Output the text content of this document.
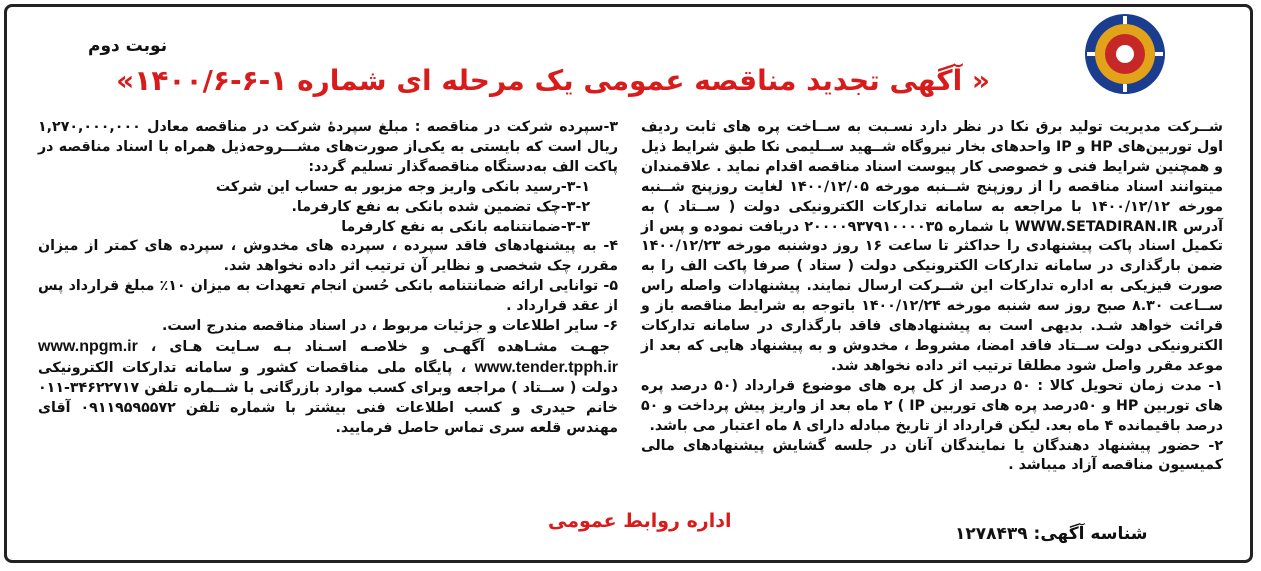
نوبت دوم
« آگهی تجدید مناقصه عمومی یک مرحله ای شماره ۱-۶-۱۴۰۰/۶»

شــرکت مدیریت تولید برق نکا در نظر دارد نسـبت به ســاخت پره های ثابت ردیف اول توربین‌های HP و IP واحدهای بخار نیروگاه شــهید ســلیمی نکا طبق شرایط ذیل و همچنین شرایط فنی و خصوصی کار پیوست اسناد مناقصه اقدام نماید . علاقمندان میتوانند اسناد مناقصه را از روزپنج شــنبه مورخه ۱۴۰۰/۱۲/۰۵ لغایت روزپنج شــنبه مورخه ۱۴۰۰/۱۲/۱۲ با مراجعه به سامانه تدارکات الکترونیکی دولت ( ســتاد ) به آدرس WWW.SETADIRAN.IR با شماره ۲۰۰۰۰۹۳۷۹۱۰۰۰۰۳۵ دریافت نموده و پس از تکمیل اسناد پاکت پیشنهادی را حداکثر تا ساعت ۱۶ روز دوشنبه مورخه ۱۴۰۰/۱۲/۲۳ ضمن بارگذاری در سامانه تدارکات الکترونیکی دولت ( ستاد ) صرفا پاکت الف را به صورت فیزیکی به اداره تدارکات این شــرکت ارسال نمایند. پیشنهادات واصله راس ســاعت ۸.۳۰ صبح روز سه شنبه مورخه ۱۴۰۰/۱۲/۲۴ باتوجه به شرایط مناقصه باز و قرائت خواهد شـد. بدیهی است به پیشنهادهای فاقد بارگذاری در سامانه تدارکات الکترونیکی دولت ســتاد فاقد امضا، مشروط ، مخدوش و به پیشنهاد هایی که بعد از موعد مقرر واصل شود مطلقا ترتیب اثر داده نخواهد شد.

۱- مدت زمان تحویل کالا : ۵۰ درصد از کل پره های موضوع قرارداد (۵۰ درصد پره های توربین HP و ۵۰درصد پره های توربین IP ) ۲ ماه بعد از واریز پیش پرداخت و ۵۰ درصد باقیمانده ۴ ماه بعد. لیکن قرارداد از تاریخ مبادله دارای ۸ ماه اعتبار می باشد.

۲- حضور پیشنهاد دهندگان یا نمایندگان آنان در جلسه گشایش پیشنهادهای مالی کمیسیون مناقصه آزاد میباشد .

۳-سپرده شرکت در مناقصه : مبلغ سپردهٔ شرکت در مناقصه معادل ۱,۲۷۰,۰۰۰,۰۰۰ ریال است که بایستی به یکی‌از صورت‌های مشـــروحه‌ذیل همراه با اسناد مناقصه در پاکت الف به‌دستگاه مناقصه‌گذار تسلیم گردد:

۳-۱-رسید بانکی واریز وجه مزبور به حساب این شرکت

۳-۲-چک تضمین شده بانکی به نفع کارفرما.

۳-۳-ضمانتنامه بانکی به نفع کارفرما

۴- به پیشنهادهای فاقد سپرده ، سپرده های مخدوش ، سپرده های کمتر از میزان مقرر، چک شخصی و نظایر آن ترتیب اثر داده نخواهد شد.

۵- توانایی ارائه ضمانتنامه بانکی حُسن انجام تعهدات به میزان ۱۰٪ مبلغ قرارداد پس از عقد قرارداد .

۶- سایر اطلاعات و جزئیات مربوط ، در اسناد مناقصه مندرج است.

جهـت مشـاهده آگهـی و خلاصـه اسـناد بـه سـایت هـای www.npgm.ir ، www.tender.tpph.ir ، پایگاه ملی مناقصات کشور و سامانه تدارکات الکترونیکی دولت ( ســتاد ) مراجعه وبرای کسب موارد بازرگانی با شــماره تلفن ۳۴۶۲۲۷۱۷-۰۱۱ خانم حیدری و کسب اطلاعات فنی بیشتر با شماره تلفن ۰۹۱۱۹۵۹۵۵۷۲ آقای مهندس قلعه سری تماس حاصل فرمایید.

اداره روابط عمومی
شناسه آگهی: ۱۲۷۸۴۳۹
